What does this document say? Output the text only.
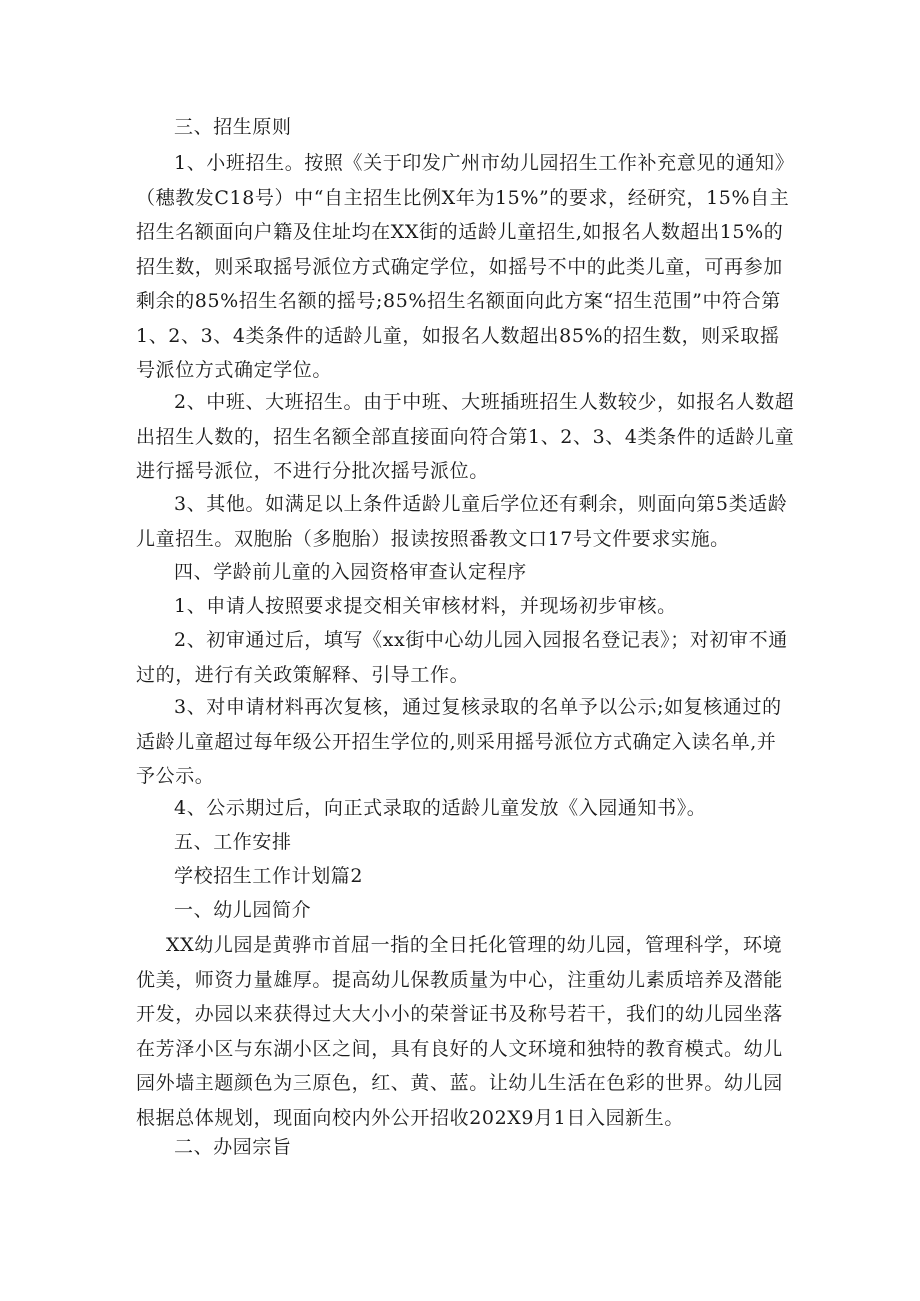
三、招生原则

1、小班招生。按照《关于印发广州市幼儿园招生工作补充意见的通知》（穗教发C18号）中“自主招生比例X年为15%”的要求，经研究，15%自主招生名额面向户籍及住址均在XX街的适龄儿童招生,如报名人数超出15%的招生数，则采取摇号派位方式确定学位，如摇号不中的此类儿童，可再参加剩余的85%招生名额的摇号;85%招生名额面向此方案“招生范围”中符合第1、2、3、4类条件的适龄儿童，如报名人数超出85%的招生数，则采取摇号派位方式确定学位。

2、中班、大班招生。由于中班、大班插班招生人数较少，如报名人数超出招生人数的，招生名额全部直接面向符合第1、2、3、4类条件的适龄儿童进行摇号派位，不进行分批次摇号派位。

3、其他。如满足以上条件适龄儿童后学位还有剩余，则面向第5类适龄儿童招生。双胞胎（多胞胎）报读按照番教文口17号文件要求实施。

四、学龄前儿童的入园资格审查认定程序

1、申请人按照要求提交相关审核材料，并现场初步审核。

2、初审通过后，填写《xx街中心幼儿园入园报名登记表》；对初审不通过的，进行有关政策解释、引导工作。

3、对申请材料再次复核，通过复核录取的名单予以公示;如复核通过的适龄儿童超过每年级公开招生学位的,则采用摇号派位方式确定入读名单,并予公示。

4、公示期过后，向正式录取的适龄儿童发放《入园通知书》。

五、工作安排

学校招生工作计划篇2

一、幼儿园简介

XX幼儿园是黄骅市首屈一指的全日托化管理的幼儿园，管理科学，环境优美，师资力量雄厚。提高幼儿保教质量为中心，注重幼儿素质培养及潜能开发，办园以来获得过大大小小的荣誉证书及称号若干，我们的幼儿园坐落在芳泽小区与东湖小区之间，具有良好的人文环境和独特的教育模式。幼儿园外墙主题颜色为三原色，红、黄、蓝。让幼儿生活在色彩的世界。幼儿园根据总体规划，现面向校内外公开招收202X9月1日入园新生。

二、办园宗旨
